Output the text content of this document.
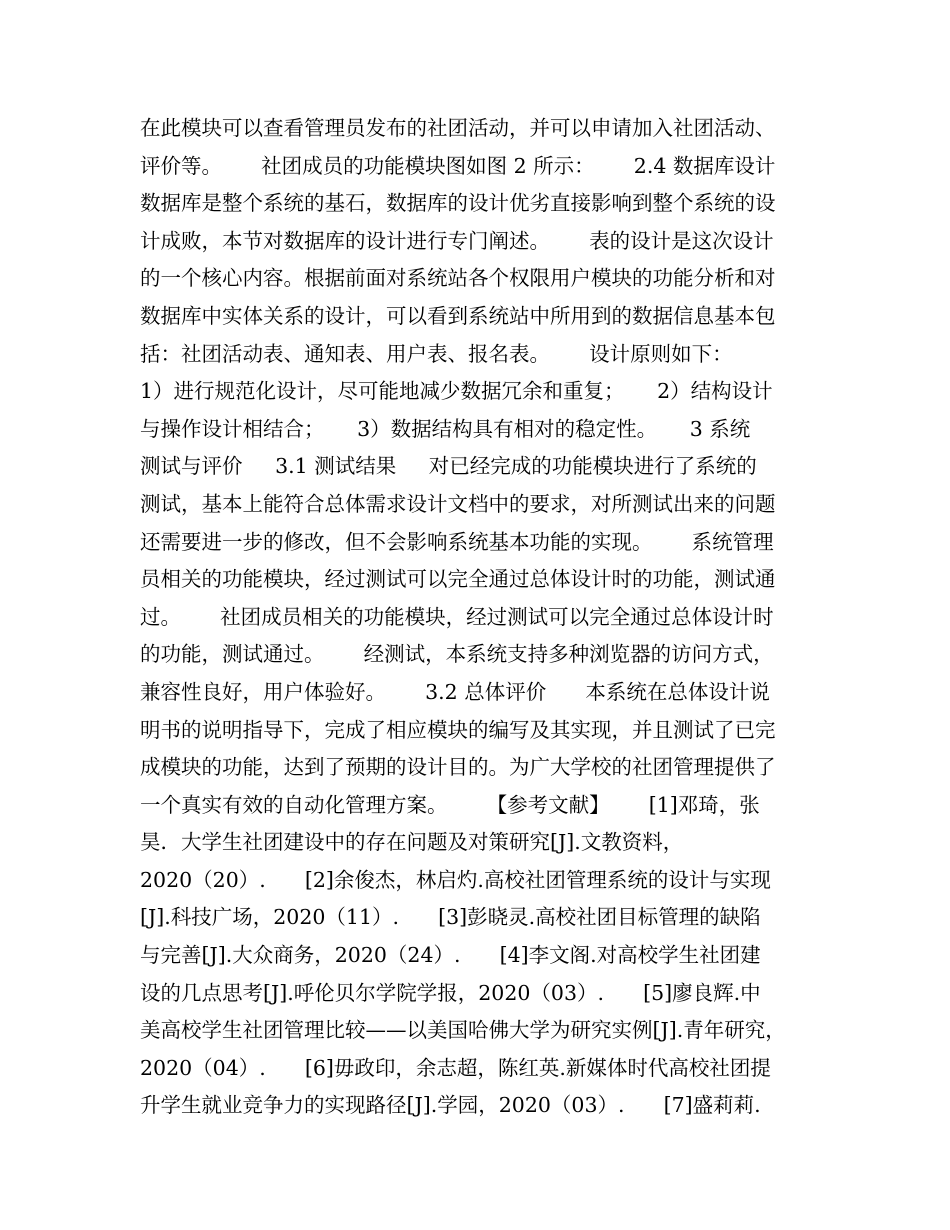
在此模块可以查看管理员发布的社团活动，并可以申请加入社团活动、
评价等。      社团成员的功能模块图如图 2 所示：      2.4 数据库设计
数据库是整个系统的基石，数据库的设计优劣直接影响到整个系统的设
计成败，本节对数据库的设计进行专门阐述。      表的设计是这次设计
的一个核心内容。根据前面对系统站各个权限用户模块的功能分析和对
数据库中实体关系的设计，可以看到系统站中所用到的数据信息基本包
括：社团活动表、通知表、用户表、报名表。      设计原则如下：
1）进行规范化设计，尽可能地减少数据冗余和重复；     2）结构设计
与操作设计相结合；     3）数据结构具有相对的稳定性。     3 系统
测试与评价     3.1 测试结果     对已经完成的功能模块进行了系统的
测试，基本上能符合总体需求设计文档中的要求，对所测试出来的问题
还需要进一步的修改，但不会影响系统基本功能的实现。      系统管理
员相关的功能模块，经过测试可以完全通过总体设计时的功能，测试通
过。      社团成员相关的功能模块，经过测试可以完全通过总体设计时
的功能，测试通过。      经测试，本系统支持多种浏览器的访问方式，
兼容性良好，用户体验好。      3.2 总体评价      本系统在总体设计说
明书的说明指导下，完成了相应模块的编写及其实现，并且测试了已完
成模块的功能，达到了预期的设计目的。为广大学校的社团管理提供了
一个真实有效的自动化管理方案。      【参考文献】      [1]邓琦，张
昊．大学生社团建设中的存在问题及对策研究[J].文教资料，
2020（20）.      [2]余俊杰，林启灼.高校社团管理系统的设计与实现
[J].科技广场，2020（11）.      [3]彭晓灵.高校社团目标管理的缺陷
与完善[J].大众商务，2020（24）.      [4]李文阁.对高校学生社团建
设的几点思考[J].呼伦贝尔学院学报，2020（03）.      [5]廖良辉.中
美高校学生社团管理比较——以美国哈佛大学为研究实例[J].青年研究，
2020（04）.      [6]毋政印，余志超，陈红英.新媒体时代高校社团提
升学生就业竞争力的实现路径[J].学园，2020（03）.      [7]盛莉莉.
